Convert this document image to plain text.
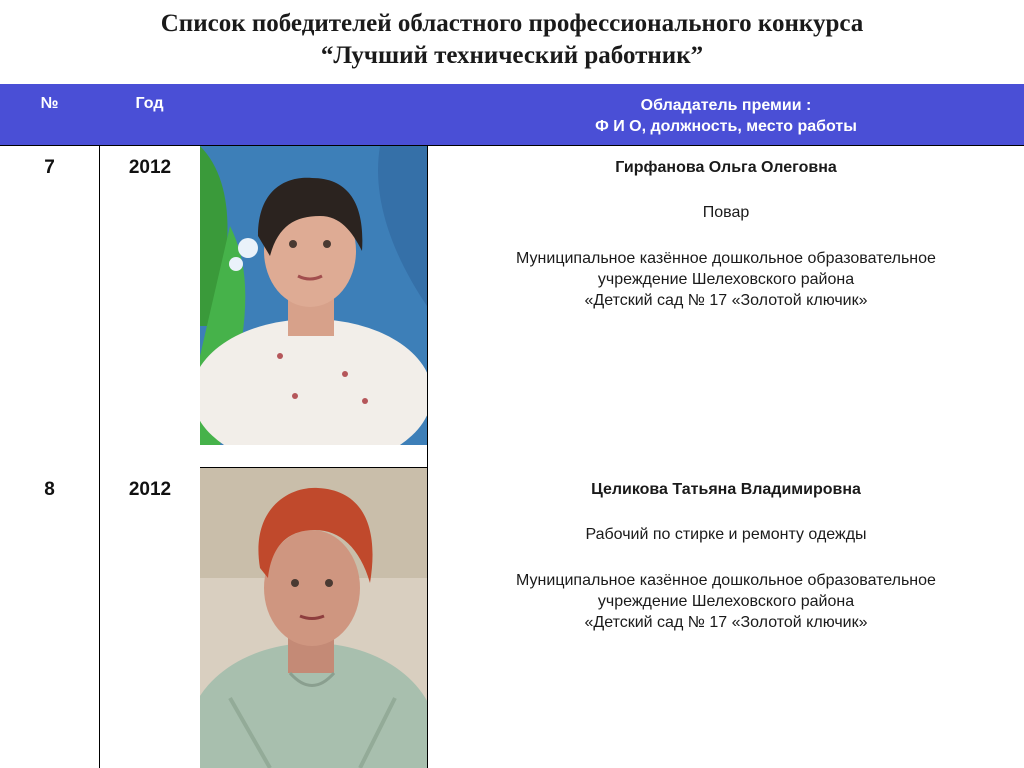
Список победителей областного профессионального конкурса
“Лучший технический работник”
№	Год	Обладатель премии :
Ф И О, должность, место работы
7	2012	Гирфанова Ольга Олеговна
Повар
Муниципальное казённое дошкольное образовательное
учреждение Шелеховского района
«Детский сад № 17 «Золотой ключик»
8	2012	Целикова Татьяна Владимировна
Рабочий по стирке и ремонту одежды
Муниципальное казённое дошкольное образовательное
учреждение Шелеховского района
«Детский сад № 17 «Золотой ключик»
